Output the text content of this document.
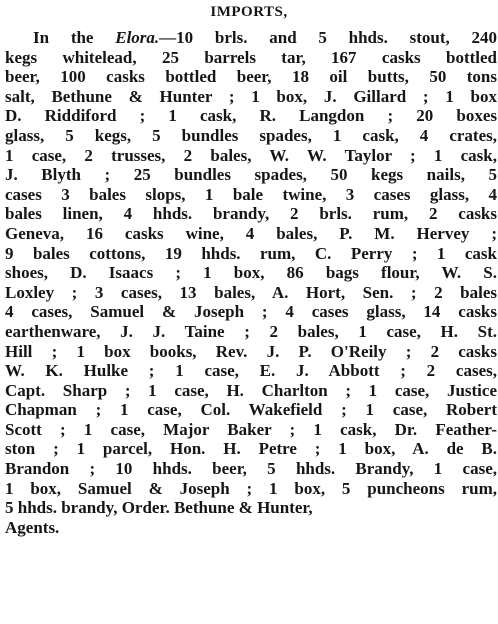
IMPORTS,
In the Elora.—10 brls. and 5 hhds. stout, 240
kegs whitelead, 25 barrels tar, 167 casks bottled
beer, 100 casks bottled beer, 18 oil butts, 50 tons
salt, Bethune & Hunter ; 1 box, J. Gillard ; 1 box
D. Riddiford ; 1 cask, R. Langdon ; 20 boxes
glass, 5 kegs, 5 bundles spades, 1 cask, 4 crates,
1 case, 2 trusses, 2 bales, W. W. Taylor ; 1 cask,
J. Blyth ; 25 bundles spades, 50 kegs nails, 5
cases 3 bales slops, 1 bale twine, 3 cases glass, 4
bales linen, 4 hhds. brandy, 2 brls. rum, 2 casks
Geneva, 16 casks wine, 4 bales, P. M. Hervey ;
9 bales cottons, 19 hhds. rum, C. Perry ; 1 cask
shoes, D. Isaacs ; 1 box, 86 bags flour, W. S.
Loxley ; 3 cases, 13 bales, A. Hort, Sen. ; 2 bales
4 cases, Samuel & Joseph ; 4 cases glass, 14 casks
earthenware, J. J. Taine ; 2 bales, 1 case, H. St.
Hill ; 1 box books, Rev. J. P. O'Reily ; 2 casks
W. K. Hulke ; 1 case, E. J. Abbott ; 2 cases,
Capt. Sharp ; 1 case, H. Charlton ; 1 case, Justice
Chapman ; 1 case, Col. Wakefield ; 1 case, Robert
Scott ; 1 case, Major Baker ; 1 cask, Dr. Feather-
ston ; 1 parcel, Hon. H. Petre ; 1 box, A. de B.
Brandon ; 10 hhds. beer, 5 hhds. Brandy, 1 case,
1 box, Samuel & Joseph ; 1 box, 5 puncheons rum,
5 hhds. brandy, Order. Bethune & Hunter,
Agents.
